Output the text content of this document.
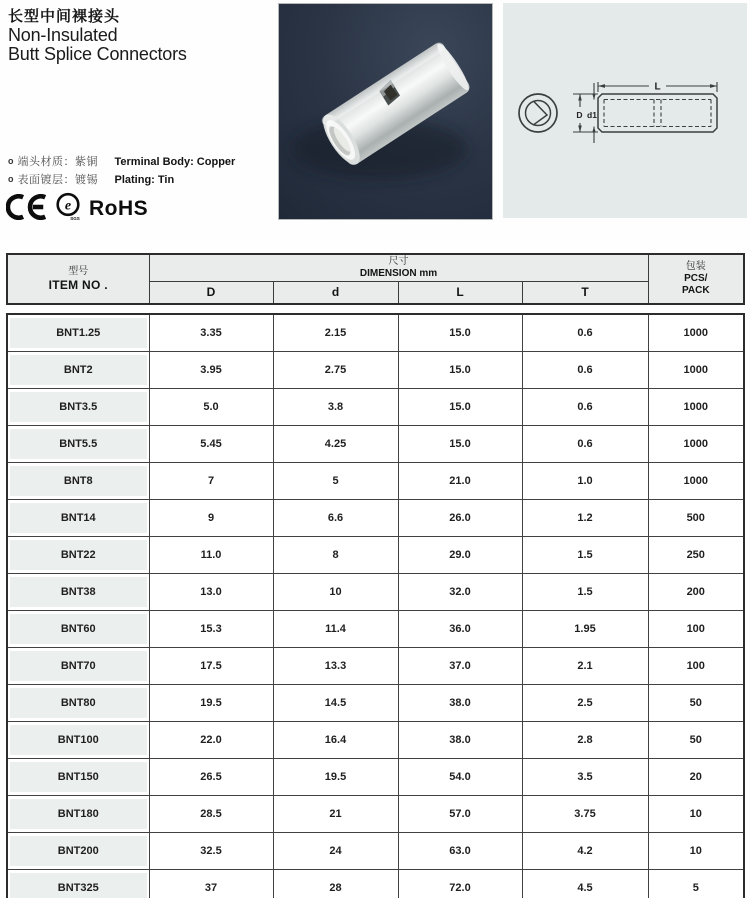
长型中间裸接头
Non-Insulated
Butt Splice Connectors
o 端头材质：紫铜	Terminal Body: Copper
o 表面镀层：镀锡	Plating: Tin
e
SGS RoHS
L
D d1
型号
ITEM NO .

尺寸
DIMENSION mm

包装
PCS/
PACK

	D	d	L	T	
BNT1.25	3.35	2.15	15.0	0.6	1000

BNT2	3.95	2.75	15.0	0.6	1000

BNT3.5	5.0	3.8	15.0	0.6	1000

BNT5.5	5.45	4.25	15.0	0.6	1000

BNT8	7	5	21.0	1.0	1000

BNT14	9	6.6	26.0	1.2	500

BNT22	11.0	8	29.0	1.5	250

BNT38	13.0	10	32.0	1.5	200

BNT60	15.3	11.4	36.0	1.95	100

BNT70	17.5	13.3	37.0	2.1	100

BNT80	19.5	14.5	38.0	2.5	50

BNT100	22.0	16.4	38.0	2.8	50

BNT150	26.5	19.5	54.0	3.5	20

BNT180	28.5	21	57.0	3.75	10

BNT200	32.5	24	63.0	4.2	10

BNT325	37	28	72.0	4.5	5
